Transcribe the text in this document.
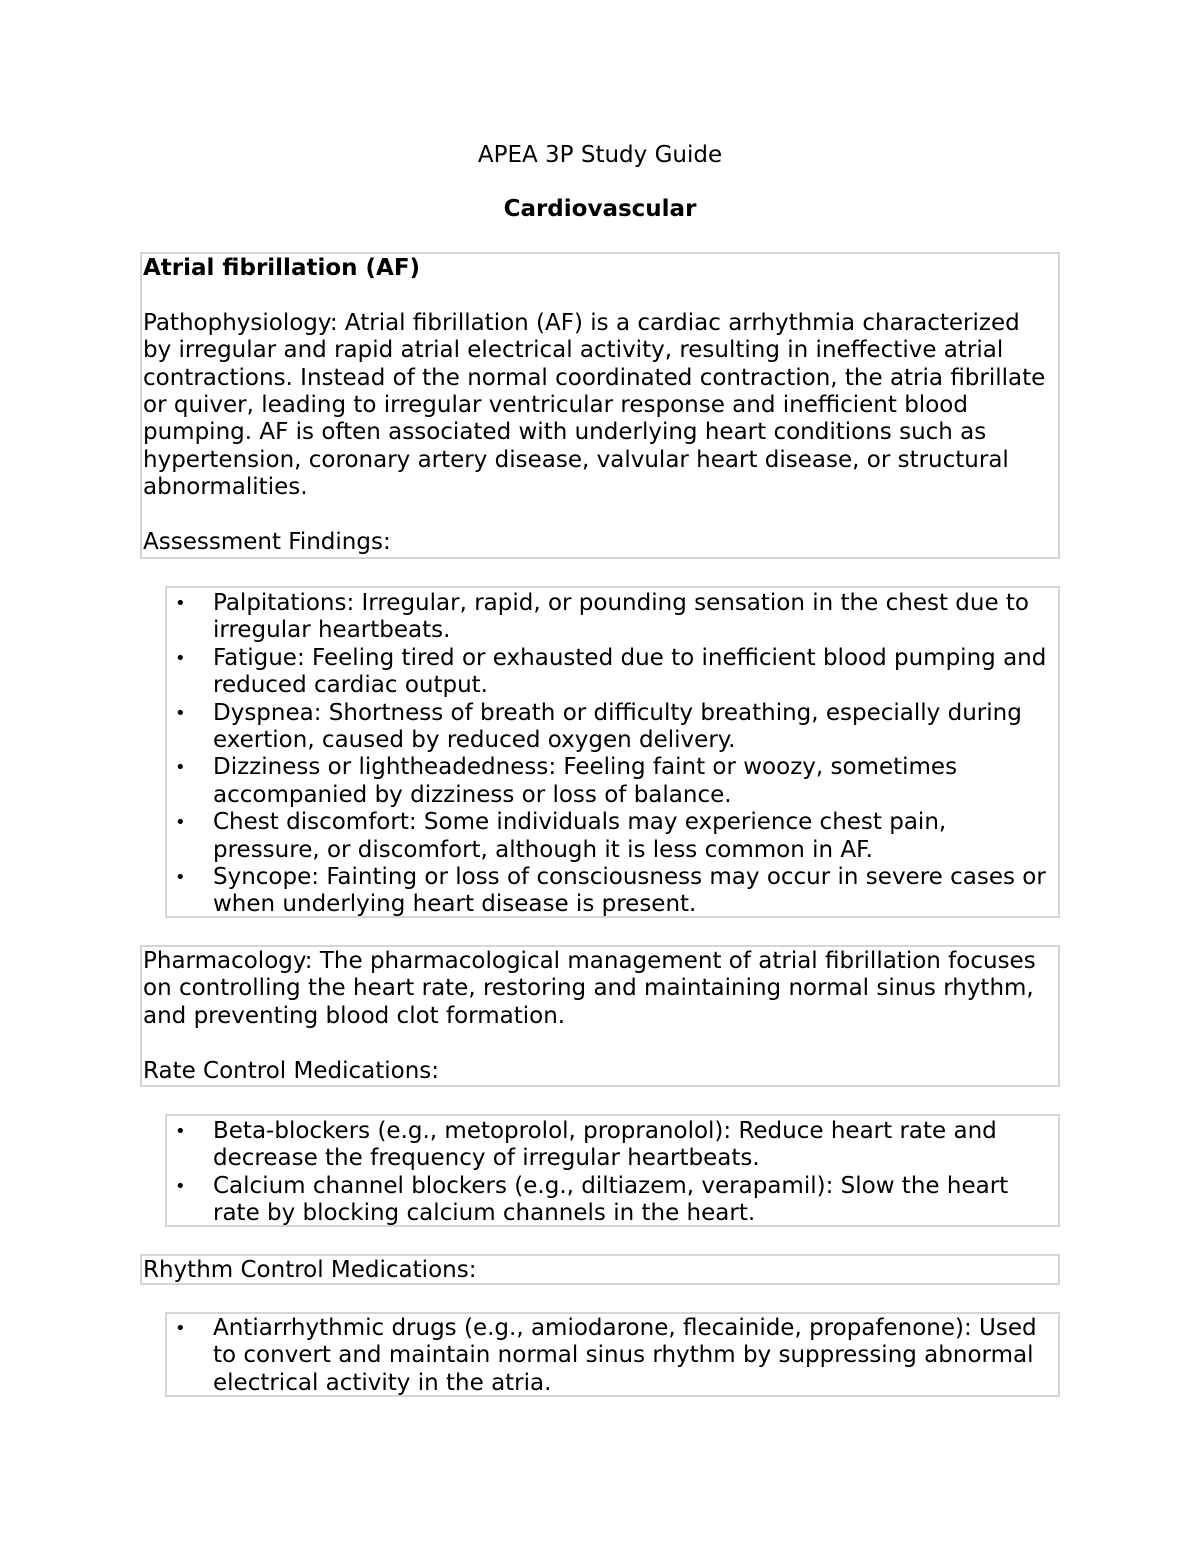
APEA 3P Study Guide
Cardiovascular

Atrial fibrillation (AF)

Pathophysiology: Atrial fibrillation (AF) is a cardiac arrhythmia characterized by irregular and rapid atrial electrical activity, resulting in ineffective atrial contractions. Instead of the normal coordinated contraction, the atria fibrillate or quiver, leading to irregular ventricular response and inefficient blood pumping. AF is often associated with underlying heart conditions such as hypertension, coronary artery disease, valvular heart disease, or structural abnormalities.

Assessment Findings:

• Palpitations: Irregular, rapid, or pounding sensation in the chest due to irregular heartbeats.
• Fatigue: Feeling tired or exhausted due to inefficient blood pumping and reduced cardiac output.
• Dyspnea: Shortness of breath or difficulty breathing, especially during exertion, caused by reduced oxygen delivery.
• Dizziness or lightheadedness: Feeling faint or woozy, sometimes accompanied by dizziness or loss of balance.
• Chest discomfort: Some individuals may experience chest pain, pressure, or discomfort, although it is less common in AF.
• Syncope: Fainting or loss of consciousness may occur in severe cases or when underlying heart disease is present.

Pharmacology: The pharmacological management of atrial fibrillation focuses on controlling the heart rate, restoring and maintaining normal sinus rhythm, and preventing blood clot formation.

Rate Control Medications:

• Beta-blockers (e.g., metoprolol, propranolol): Reduce heart rate and decrease the frequency of irregular heartbeats.
• Calcium channel blockers (e.g., diltiazem, verapamil): Slow the heart rate by blocking calcium channels in the heart.

Rhythm Control Medications:

• Antiarrhythmic drugs (e.g., amiodarone, flecainide, propafenone): Used to convert and maintain normal sinus rhythm by suppressing abnormal electrical activity in the atria.
